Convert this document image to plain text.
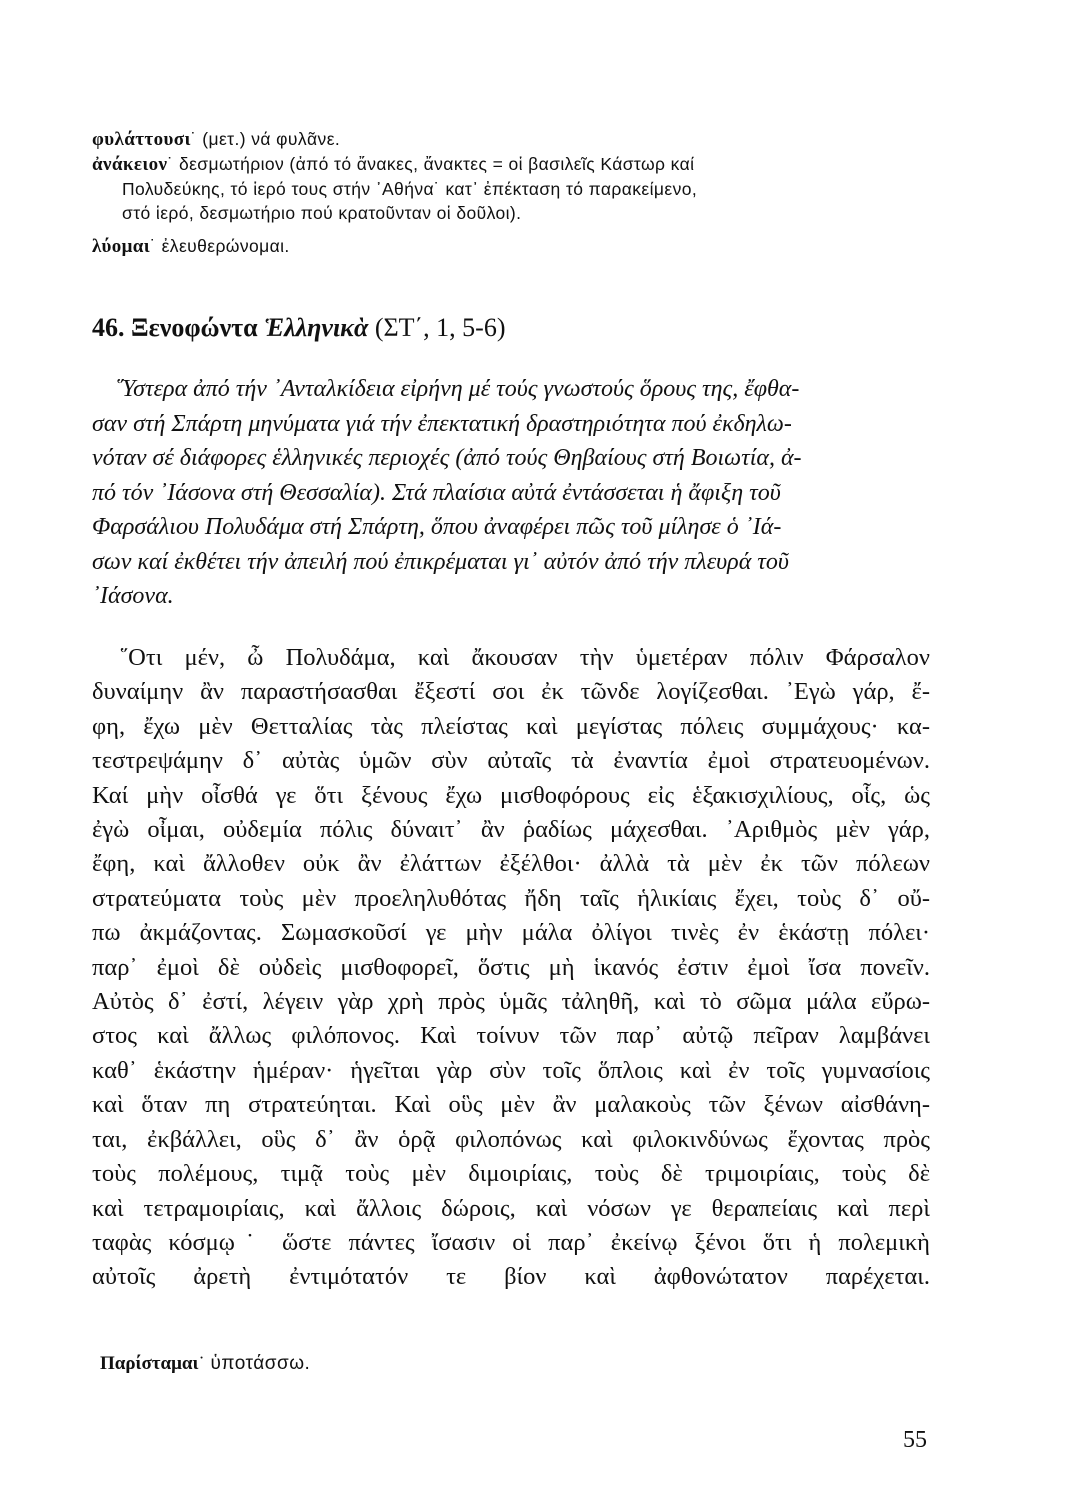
φυλάττουσι˙ (μετ.) νά φυλᾶνε.
ἀνάκειον˙ δεσμωτήριον (ἀπό τό ἄνακες, ἄνακτες = οἱ βασιλεῖς Κάστωρ καί
Πολυδεύκης, τό ἱερό τους στήν ᾿Αθήνα˙ κατ᾿ ἐπέκταση τό παρακείμενο,
στό ἱερό, δεσμωτήριο πού κρατοῦνταν οἱ δοῦλοι).
λύομαι˙ ἐλευθερώνομαι.
46. Ξενοφώντα Ἑλληνικὰ (ΣΤ΄, 1, 5-6)
῞Υστερα ἀπό τήν ᾿Ανταλκίδεια εἰρήνη μέ τούς γνωστούς ὅρους της, ἔφθα-
σαν στή Σπάρτη μηνύματα γιά τήν ἐπεκτατική δραστηριότητα πού ἐκδηλω-
νόταν σέ διάφορες ἑλληνικές περιοχές (ἀπό τούς Θηβαίους στή Βοιωτία, ἀ-
πό τόν ᾿Ιάσονα στή Θεσσαλία). Στά πλαίσια αὐτά ἐντάσσεται ἡ ἄφιξη τοῦ
Φαρσάλιου Πολυδάμα στή Σπάρτη, ὅπου ἀναφέρει πῶς τοῦ μίλησε ὁ ᾿Ιά-
σων καί ἐκθέτει τήν ἀπειλή πού ἐπικρέμαται γι᾿ αὐτόν ἀπό τήν πλευρά τοῦ
᾿Ιάσονα.
῞Οτι μέν, ὦ Πολυδάμα, καὶ ἄκουσαν τὴν ὑμετέραν πόλιν Φάρσαλον
δυναίμην ἂν παραστήσασθαι ἔξεστί σοι ἐκ τῶνδε λογίζεσθαι. ᾿Εγὼ γάρ, ἔ-
φη, ἔχω μὲν Θετταλίας τὰς πλείστας καὶ μεγίστας πόλεις συμμάχους· κα-
τεστρεψάμην δ᾿ αὐτὰς ὑμῶν σὺν αὐταῖς τὰ ἐναντία ἐμοὶ στρατευομένων.
Καί μὴν οἶσθά γε ὅτι ξένους ἔχω μισθοφόρους εἰς ἑξακισχιλίους, οἷς, ὡς
ἐγὼ οἶμαι, οὐδεμία πόλις δύναιτ᾿ ἂν ῥαδίως μάχεσθαι. ᾿Αριθμὸς μὲν γάρ,
ἔφη, καὶ ἄλλοθεν οὐκ ἂν ἐλάττων ἐξέλθοι· ἀλλὰ τὰ μὲν ἐκ τῶν πόλεων
στρατεύματα τοὺς μὲν προεληλυθότας ἤδη ταῖς ἡλικίαις ἔχει, τοὺς δ᾿ οὔ-
πω ἀκμάζοντας. Σωμασκοῦσί γε μὴν μάλα ὀλίγοι τινὲς ἐν ἑκάστῃ πόλει·
παρ᾿ ἐμοὶ δὲ οὐδεὶς μισθοφορεῖ, ὅστις μὴ ἱκανός ἐστιν ἐμοὶ ἴσα πονεῖν.
Αὐτὸς δ᾿ ἐστί, λέγειν γὰρ χρὴ πρὸς ὑμᾶς τἀληθῆ, καὶ τὸ σῶμα μάλα εὔρω-
στος καὶ ἄλλως φιλόπονος. Καὶ τοίνυν τῶν παρ᾿ αὐτῷ πεῖραν λαμβάνει
καθ᾿ ἑκάστην ἡμέραν· ἡγεῖται γὰρ σὺν τοῖς ὅπλοις καὶ ἐν τοῖς γυμνασίοις
καὶ ὅταν πη στρατεύηται. Καὶ οὓς μὲν ἂν μαλακοὺς τῶν ξένων αἰσθάνη-
ται, ἐκβάλλει, οὓς δ᾿ ἂν ὁρᾷ φιλοπόνως καὶ φιλοκινδύνως ἔχοντας πρὸς
τοὺς πολέμους, τιμᾷ τοὺς μὲν διμοιρίαις, τοὺς δὲ τριμοιρίαις, τοὺς δὲ
καὶ τετραμοιρίαις, καὶ ἄλλοις δώροις, καὶ νόσων γε θεραπείαις καὶ περὶ
ταφὰς κόσμῳ˙ ὥστε πάντες ἴσασιν οἱ παρ᾿ ἐκείνῳ ξένοι ὅτι ἡ πολεμικὴ
αὐτοῖς ἀρετὴ ἐντιμότατόν τε βίον καὶ ἀφθονώτατον παρέχεται.
Παρίσταμαι˙ ὑποτάσσω.
55
